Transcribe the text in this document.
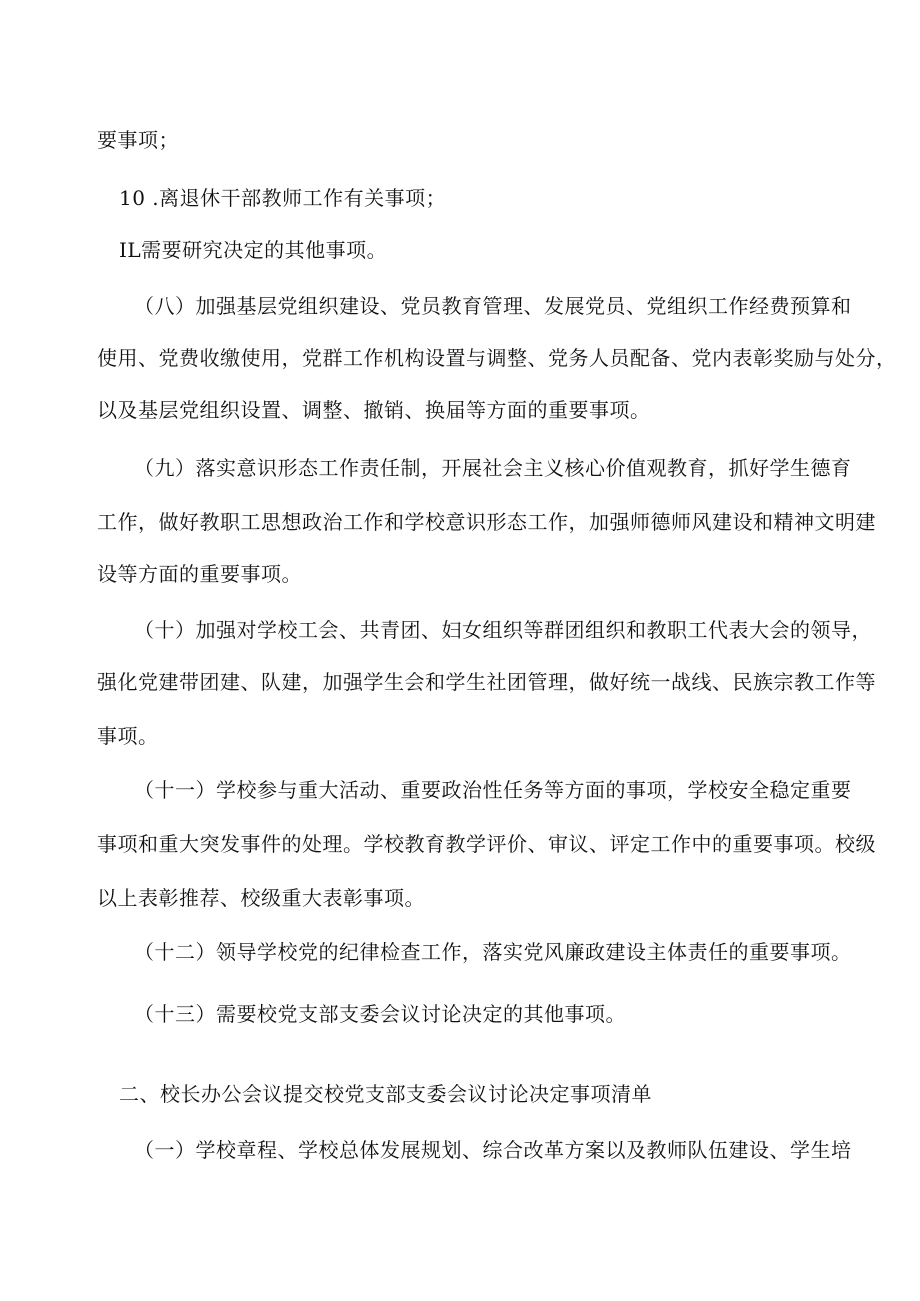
要事项；
10 .离退休干部教师工作有关事项；
IL需要研究决定的其他事项。
（八）加强基层党组织建设、党员教育管理、发展党员、党组织工作经费预算和
使用、党费收缴使用，党群工作机构设置与调整、党务人员配备、党内表彰奖励与处分，
以及基层党组织设置、调整、撤销、换届等方面的重要事项。
（九）落实意识形态工作责任制，开展社会主义核心价值观教育，抓好学生德育
工作，做好教职工思想政治工作和学校意识形态工作，加强师德师风建设和精神文明建
设等方面的重要事项。
（十）加强对学校工会、共青团、妇女组织等群团组织和教职工代表大会的领导，
强化党建带团建、队建，加强学生会和学生社团管理，做好统一战线、民族宗教工作等
事项。
（十一）学校参与重大活动、重要政治性任务等方面的事项，学校安全稳定重要
事项和重大突发事件的处理。学校教育教学评价、审议、评定工作中的重要事项。校级
以上表彰推荐、校级重大表彰事项。
（十二）领导学校党的纪律检查工作，落实党风廉政建设主体责任的重要事项。
（十三）需要校党支部支委会议讨论决定的其他事项。
二、校长办公会议提交校党支部支委会议讨论决定事项清单
（一）学校章程、学校总体发展规划、综合改革方案以及教师队伍建设、学生培
